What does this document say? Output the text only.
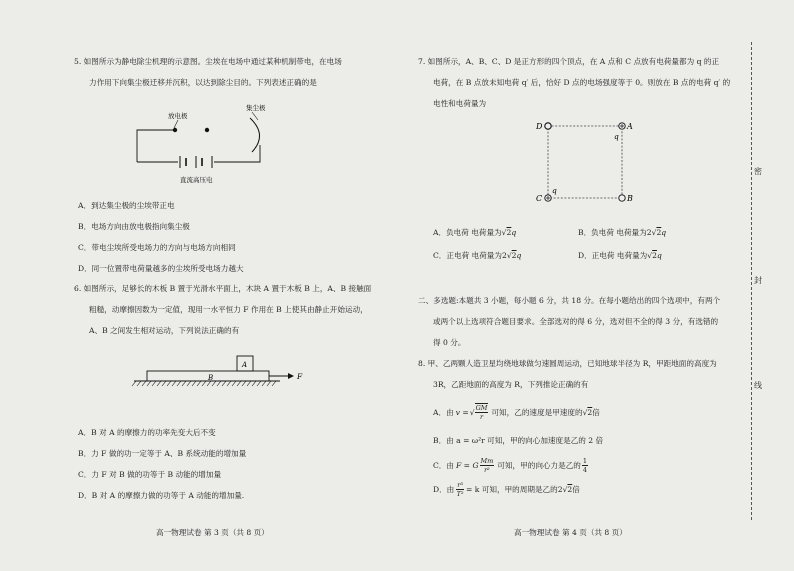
5. 如图所示为静电除尘机理的示意图。尘埃在电场中通过某种机制带电，在电场
力作用下向集尘极迁移并沉积，以达到除尘目的。下列表述正确的是
放电极
集尘极
直流高压电
A．到达集尘极的尘埃带正电
B．电场方向由放电极指向集尘极
C．带电尘埃所受电场力的方向与电场方向相同
D．同一位置带电荷量越多的尘埃所受电场力越大
6. 如图所示，足够长的木板 B 置于光滑水平面上，木块 A 置于木板 B 上，A、B 接触面
粗糙，动摩擦因数为一定值，现用一水平恒力 F 作用在 B 上使其由静止开始运动，
A、B 之间发生相对运动，下列说法正确的有
A
B	F
A．B 对 A 的摩擦力的功率先变大后不变
B．力 F 做的功一定等于 A、B 系统动能的增加量
C．力 F 对 B 做的功等于 B 动能的增加量
D．B 对 A 的摩擦力做的功等于 A 动能的增加量.
高一物理试卷 第 3 页（共 8 页）
7. 如图所示，A、B、C、D 是正方形的四个顶点，在 A 点和 C 点放有电荷量都为 q 的正
电荷，在 B 点放未知电荷 q′ 后，恰好 D 点的电场强度等于 0。则放在 B 点的电荷 q′ 的
电性和电荷量为
D	A
q
C
q
B
A．负电荷 电荷量为√2q	B．负电荷 电荷量为2√2q
C．正电荷 电荷量为2√2q	D．正电荷 电荷量为√2q
二、多选题:本题共 3 小题，每小题 6 分，共 18 分。在每小题给出的四个选项中，有两个
或两个以上选项符合题目要求。全部选对的得 6 分，选对但不全的得 3 分，有选错的
得 0 分。
8. 甲、乙两颗人造卫星均绕地球做匀速圆周运动，已知地球半径为 R，甲距地面的高度为
3R，乙距地面的高度为 R，下列推论正确的有
A．由 v = √ $\frac{GM}{r}$ 可知，乙的速度是甲速度的 √ 2 倍
B．由 a = ω²r 可知，甲的向心加速度是乙的 2 倍
C．由 F = G $\frac{Mm}{\text{r²}}$ 可知，甲的向心力是乙的 1
4
D．由 $\frac{\text{r³}}{\text{T²}} = k$ 可知，甲的周期是乙的 2 √ 2 倍
高一物理试卷 第 4 页（共 8 页）
密
封
线
